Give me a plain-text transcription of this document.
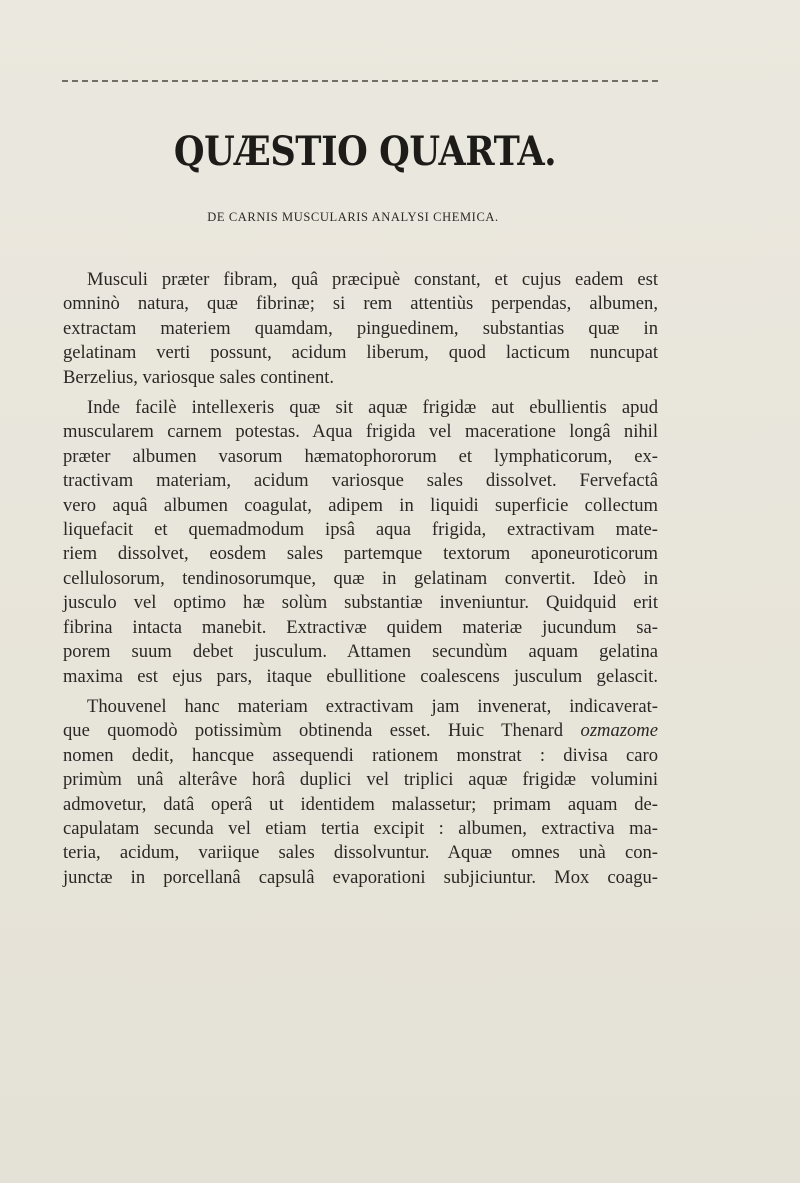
QUÆSTIO QUARTA.
DE CARNIS MUSCULARIS ANALYSI CHEMICA.

Musculi præter fibram, quâ præcipuè constant, et cujus eadem est
omninò natura, quæ fibrinæ; si rem attentiùs perpendas, albumen,
extractam materiem quamdam, pinguedinem, substantias quæ in
gelatinam verti possunt, acidum liberum, quod lacticum nuncupat
Berzelius, variosque sales continent.

Inde facilè intellexeris quæ sit aquæ frigidæ aut ebullientis apud
muscularem carnem potestas. Aqua frigida vel maceratione longâ nihil
præter albumen vasorum hæmatophororum et lymphaticorum, ex-
tractivam materiam, acidum variosque sales dissolvet. Fervefactâ
vero aquâ albumen coagulat, adipem in liquidi superficie collectum
liquefacit et quemadmodum ipsâ aqua frigida, extractivam mate-
riem dissolvet, eosdem sales partemque textorum aponeuroticorum
cellulosorum, tendinosorumque, quæ in gelatinam convertit. Ideò in
jusculo vel optimo hæ solùm substantiæ inveniuntur. Quidquid erit
fibrina intacta manebit. Extractivæ quidem materiæ jucundum sa-
porem suum debet jusculum. Attamen secundùm aquam gelatina
maxima est ejus pars, itaque ebullitione coalescens jusculum gelascit.

Thouvenel hanc materiam extractivam jam invenerat, indicaverat-
que quomodò potissimùm obtinenda esset. Huic Thenard ozmazome
nomen dedit, hancque assequendi rationem monstrat : divisa caro
primùm unâ alterâve horâ duplici vel triplici aquæ frigidæ volumini
admovetur, datâ operâ ut identidem malassetur; primam aquam de-
capulatam secunda vel etiam tertia excipit : albumen, extractiva ma-
teria, acidum, variique sales dissolvuntur. Aquæ omnes unà con-
junctæ in porcellanâ capsulâ evaporationi subjiciuntur. Mox coagu-
